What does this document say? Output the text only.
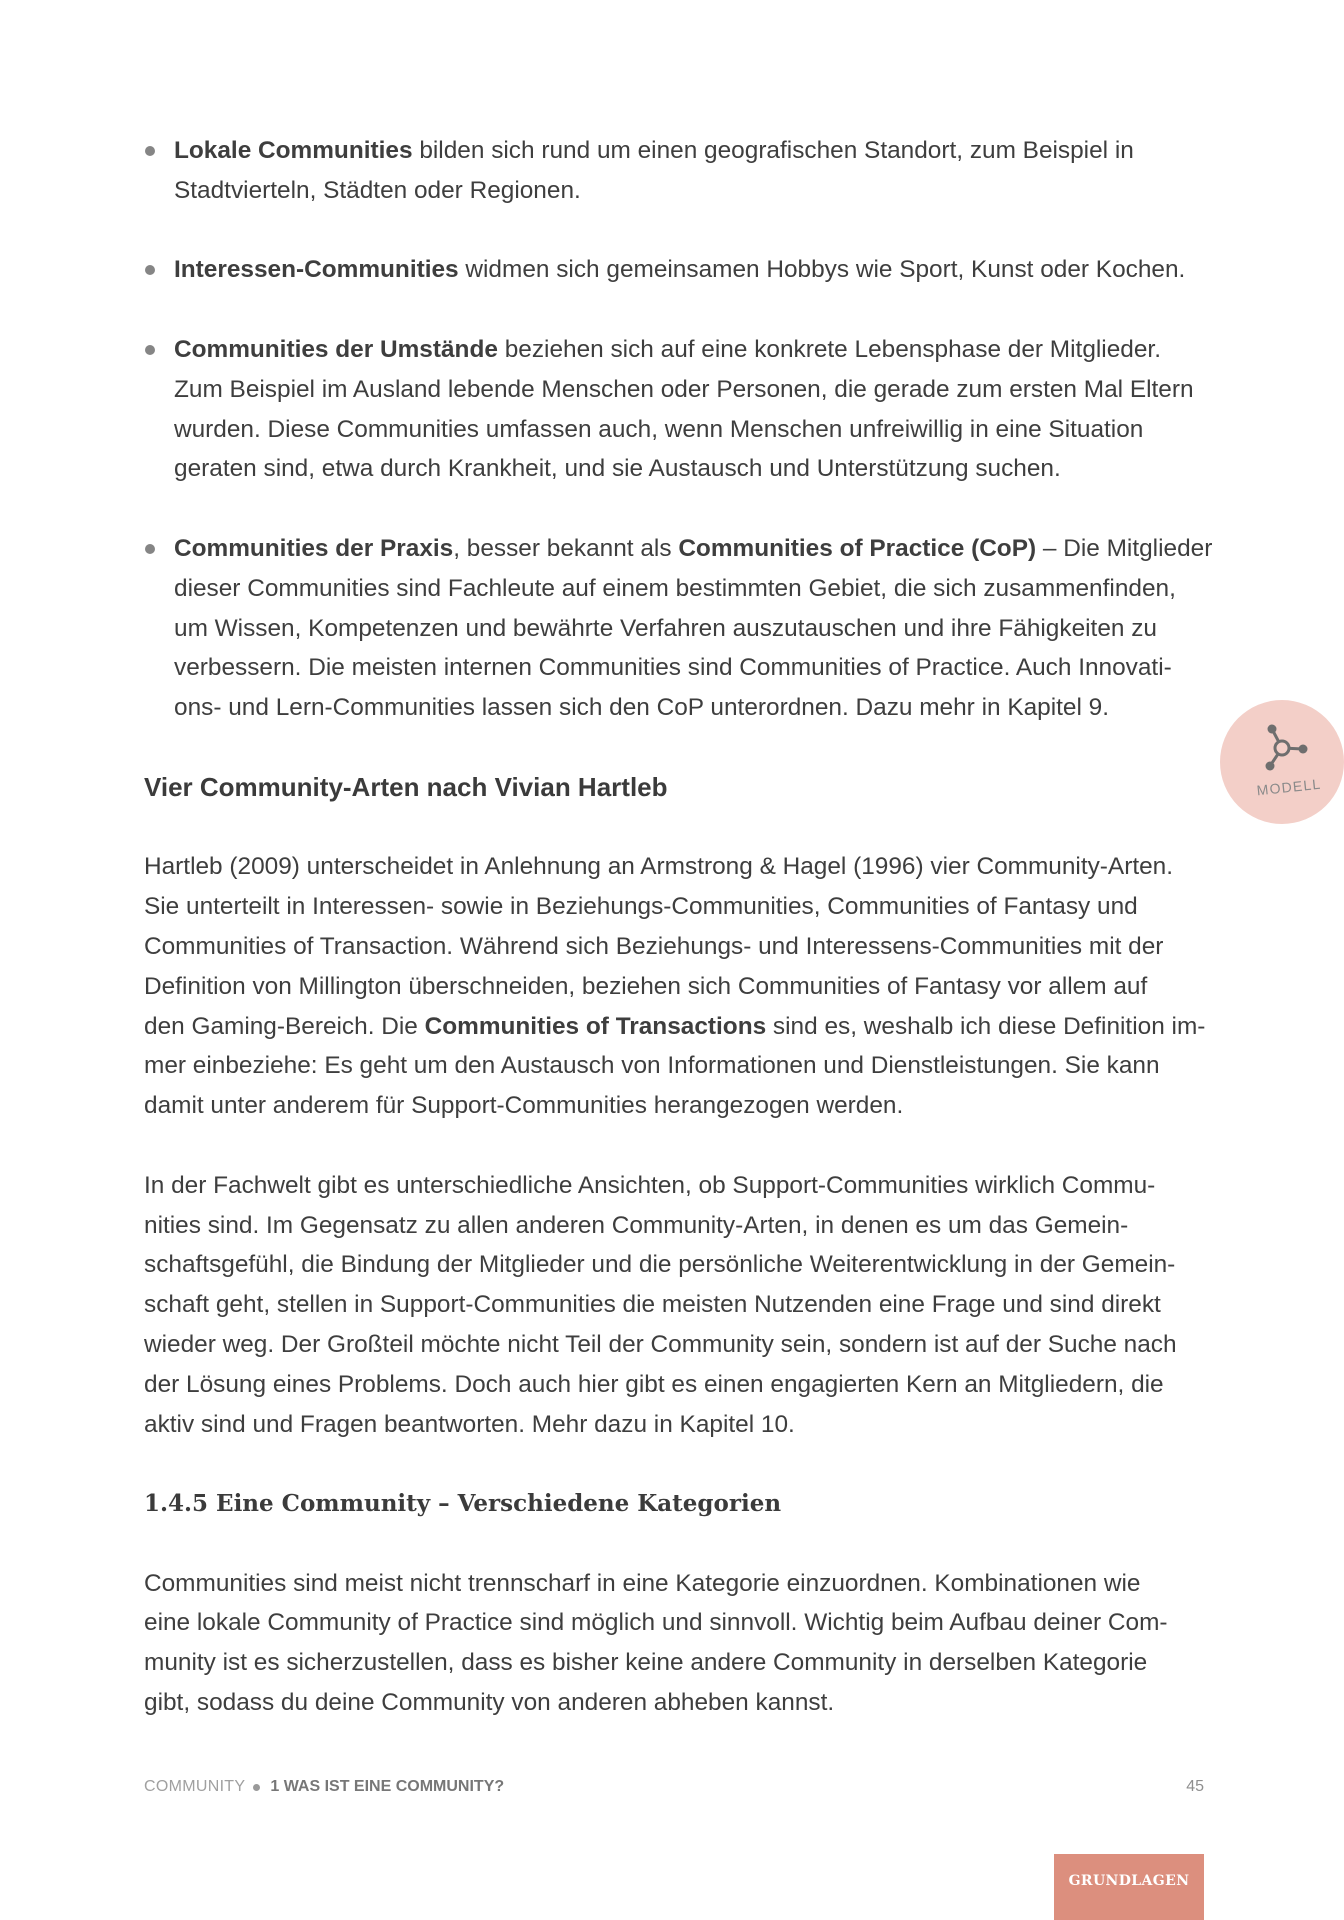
Lokale Communities bilden sich rund um einen geografischen Standort, zum Beispiel in
Stadtvierteln, Städten oder Regionen.
Interessen-Communities widmen sich gemeinsamen Hobbys wie Sport, Kunst oder Kochen.
Communities der Umstände beziehen sich auf eine konkrete Lebensphase der Mitglieder.
Zum Beispiel im Ausland lebende Menschen oder Personen, die gerade zum ersten Mal Eltern
wurden. Diese Communities umfassen auch, wenn Menschen unfreiwillig in eine Situation
geraten sind, etwa durch Krankheit, und sie Austausch und Unterstützung suchen.
Communities der Praxis, besser bekannt als Communities of Practice (CoP) – Die Mitglieder
dieser Communities sind Fachleute auf einem bestimmten Gebiet, die sich zusammenfinden,
um Wissen, Kompetenzen und bewährte Verfahren auszutauschen und ihre Fähigkeiten zu
verbessern. Die meisten internen Communities sind Communities of Practice. Auch Innovati-
ons- und Lern-Communities lassen sich den CoP unterordnen. Dazu mehr in Kapitel 9.
Vier Community-Arten nach Vivian Hartleb
Hartleb (2009) unterscheidet in Anlehnung an Armstrong & Hagel (1996) vier Community-Arten.
Sie unterteilt in Interessen- sowie in Beziehungs-Communities, Communities of Fantasy und
Communities of Transaction. Während sich Beziehungs- und Interessens-Communities mit der
Definition von Millington überschneiden, beziehen sich Communities of Fantasy vor allem auf
den Gaming-Bereich. Die Communities of Transactions sind es, weshalb ich diese Definition im-
mer einbeziehe: Es geht um den Austausch von Informationen und Dienstleistungen. Sie kann
damit unter anderem für Support-Communities herangezogen werden.
In der Fachwelt gibt es unterschiedliche Ansichten, ob Support-Communities wirklich Commu-
nities sind. Im Gegensatz zu allen anderen Community-Arten, in denen es um das Gemein-
schaftsgefühl, die Bindung der Mitglieder und die persönliche Weiterentwicklung in der Gemein-
schaft geht, stellen in Support-Communities die meisten Nutzenden eine Frage und sind direkt
wieder weg. Der Großteil möchte nicht Teil der Community sein, sondern ist auf der Suche nach
der Lösung eines Problems. Doch auch hier gibt es einen engagierten Kern an Mitgliedern, die
aktiv sind und Fragen beantworten. Mehr dazu in Kapitel 10.
1.4.5 Eine Community – Verschiedene Kategorien
Communities sind meist nicht trennscharf in eine Kategorie einzuordnen. Kombinationen wie
eine lokale Community of Practice sind möglich und sinnvoll. Wichtig beim Aufbau deiner Com-
munity ist es sicherzustellen, dass es bisher keine andere Community in derselben Kategorie
gibt, sodass du deine Community von anderen abheben kannst.
MODELL
COMMUNITY 1 WAS IST EINE COMMUNITY?	45
GRUNDLAGEN
